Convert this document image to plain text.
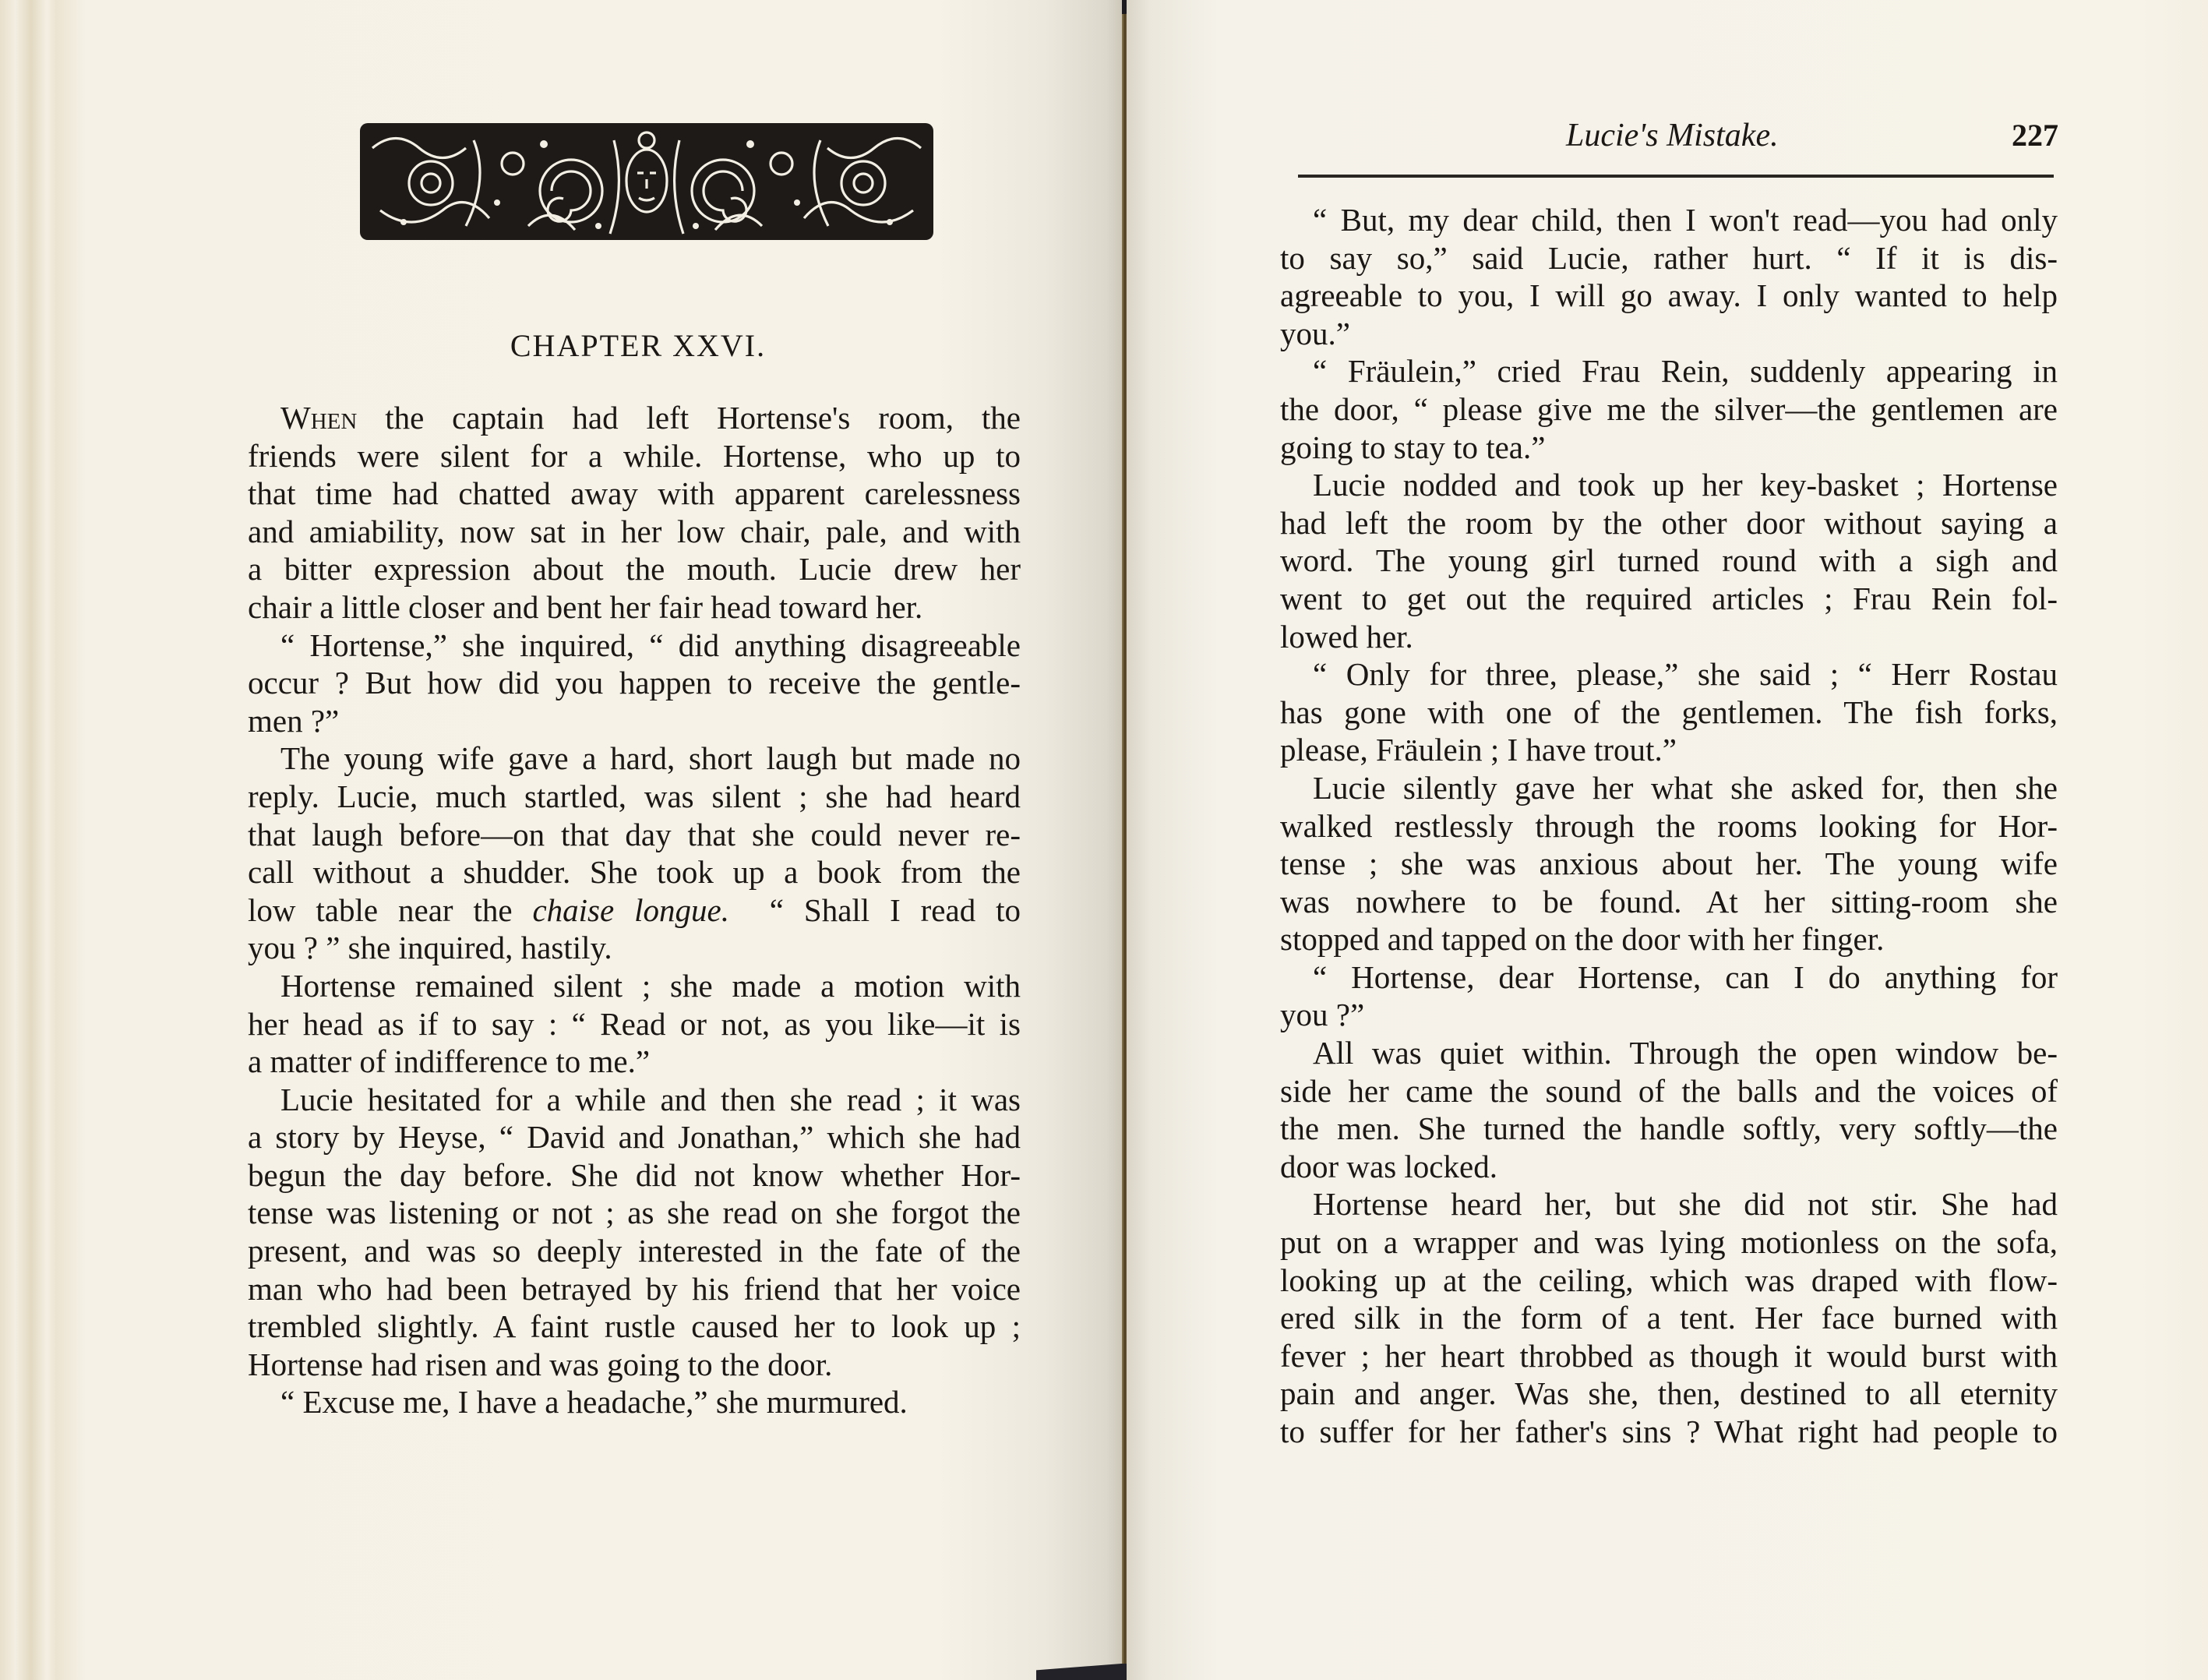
CHAPTER XXVI.
When the captain had left Hortense's room, the
friends were silent for a while. Hortense, who up to
that time had chatted away with apparent carelessness
and amiability, now sat in her low chair, pale, and with
a bitter expression about the mouth. Lucie drew her
chair a little closer and bent her fair head toward her.
“ Hortense,” she inquired, “ did anything disagreeable
occur ? But how did you happen to receive the gentle-
men ?”
The young wife gave a hard, short laugh but made no
reply. Lucie, much startled, was silent ; she had heard
that laugh before—on that day that she could never re-
call without a shudder. She took up a book from the
low table near the chaise longue. “ Shall I read to
you ? ” she inquired, hastily.
Hortense remained silent ; she made a motion with
her head as if to say : “ Read or not, as you like—it is
a matter of indifference to me.”
Lucie hesitated for a while and then she read ; it was
a story by Heyse, “ David and Jonathan,” which she had
begun the day before. She did not know whether Hor-
tense was listening or not ; as she read on she forgot the
present, and was so deeply interested in the fate of the
man who had been betrayed by his friend that her voice
trembled slightly. A faint rustle caused her to look up ;
Hortense had risen and was going to the door.
“ Excuse me, I have a headache,” she murmured.
Lucie's Mistake.	227
“ But, my dear child, then I won't read—you had only
to say so,” said Lucie, rather hurt. “ If it is dis-
agreeable to you, I will go away. I only wanted to help
you.”
“ Fräulein,” cried Frau Rein, suddenly appearing in
the door, “ please give me the silver—the gentlemen are
going to stay to tea.”
Lucie nodded and took up her key-basket ; Hortense
had left the room by the other door without saying a
word. The young girl turned round with a sigh and
went to get out the required articles ; Frau Rein fol-
lowed her.
“ Only for three, please,” she said ; “ Herr Rostau
has gone with one of the gentlemen. The fish forks,
please, Fräulein ; I have trout.”
Lucie silently gave her what she asked for, then she
walked restlessly through the rooms looking for Hor-
tense ; she was anxious about her. The young wife
was nowhere to be found. At her sitting-room she
stopped and tapped on the door with her finger.
“ Hortense, dear Hortense, can I do anything for
you ?”
All was quiet within. Through the open window be-
side her came the sound of the balls and the voices of
the men. She turned the handle softly, very softly—the
door was locked.
Hortense heard her, but she did not stir. She had
put on a wrapper and was lying motionless on the sofa,
looking up at the ceiling, which was draped with flow-
ered silk in the form of a tent. Her face burned with
fever ; her heart throbbed as though it would burst with
pain and anger. Was she, then, destined to all eternity
to suffer for her father's sins ? What right had people to
